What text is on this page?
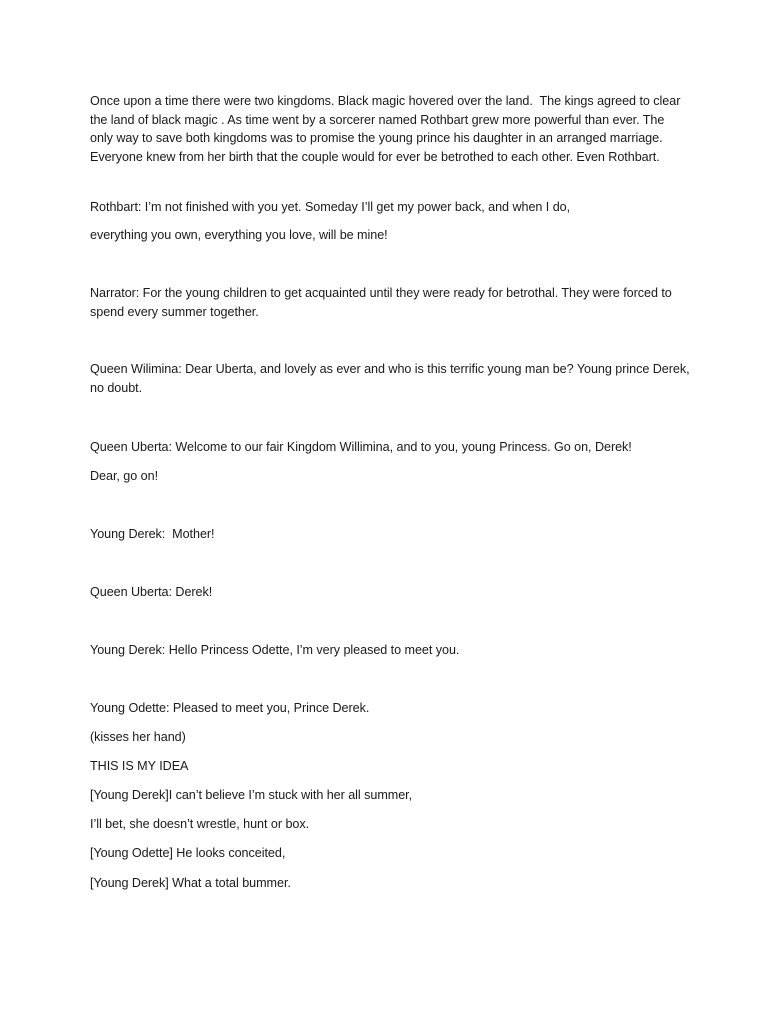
Once upon a time there were two kingdoms. Black magic hovered over the land.  The kings agreed to clear the land of black magic . As time went by a sorcerer named Rothbart grew more powerful than ever. The only way to save both kingdoms was to promise the young prince his daughter in an arranged marriage. Everyone knew from her birth that the couple would for ever be betrothed to each other. Even Rothbart.
Rothbart: I’m not finished with you yet. Someday I’ll get my power back, and when I do,
everything you own, everything you love, will be mine!
Narrator: For the young children to get acquainted until they were ready for betrothal. They were forced to spend every summer together.
Queen Wilimina: Dear Uberta, and lovely as ever and who is this terrific young man be? Young prince Derek, no doubt.
Queen Uberta: Welcome to our fair Kingdom Willimina, and to you, young Princess. Go on, Derek!
Dear, go on!
Young Derek:  Mother!
Queen Uberta: Derek!
Young Derek: Hello Princess Odette, I’m very pleased to meet you.
Young Odette: Pleased to meet you, Prince Derek.
(kisses her hand)
THIS IS MY IDEA
[Young Derek]I can’t believe I’m stuck with her all summer,
I’ll bet, she doesn’t wrestle, hunt or box.
[Young Odette] He looks conceited,
[Young Derek] What a total bummer.
